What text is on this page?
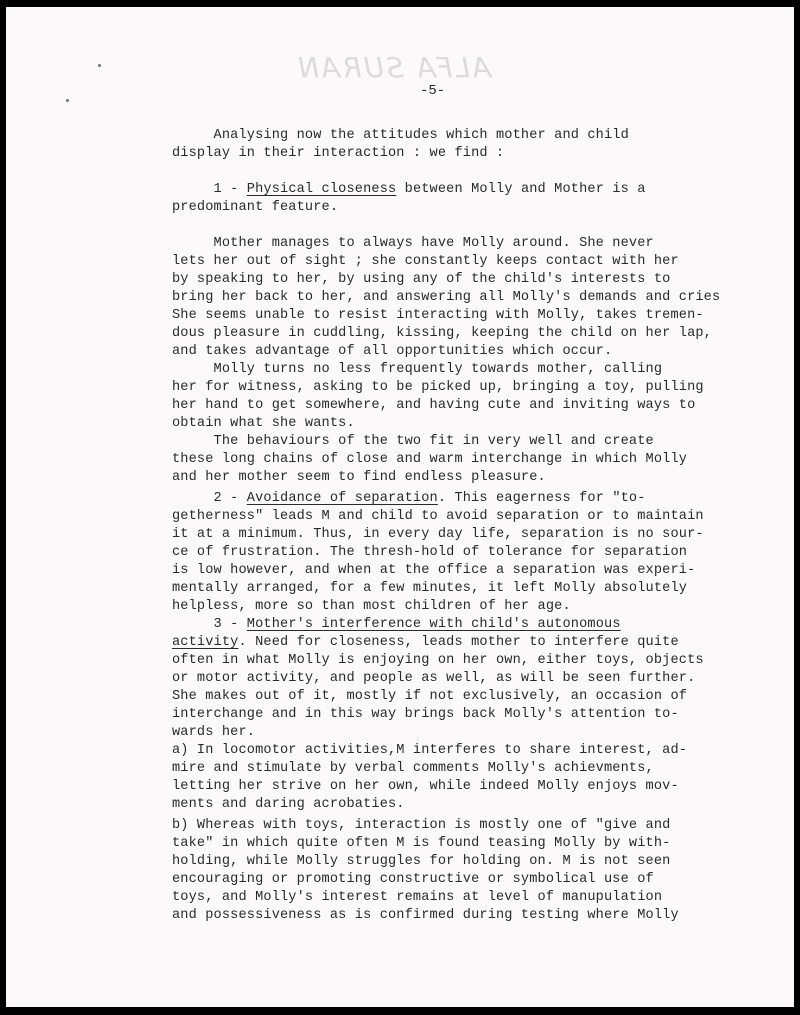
ALFA SURAN
-5-
Analysing now the attitudes which mother and child
display in their interaction : we find :
1 - Physical closeness between Molly and Mother is a
predominant feature.
Mother manages to always have Molly around. She never
lets her out of sight ; she constantly keeps contact with her
by speaking to her, by using any of the child's interests to
bring her back to her, and answering all Molly's demands and cries
She seems unable to resist interacting with Molly, takes tremen-
dous pleasure in cuddling, kissing, keeping the child on her lap,
and takes advantage of all opportunities which occur.
Molly turns no less frequently towards mother, calling
her for witness, asking to be picked up, bringing a toy, pulling
her hand to get somewhere, and having cute and inviting ways to
obtain what she wants.
The behaviours of the two fit in very well and create
these long chains of close and warm interchange in which Molly
and her mother seem to find endless pleasure.
2 - Avoidance of separation. This eagerness for "to-
getherness" leads M and child to avoid separation or to maintain
it at a minimum. Thus, in every day life, separation is no sour-
ce of frustration. The thresh-hold of tolerance for separation
is low however, and when at the office a separation was experi-
mentally arranged, for a few minutes, it left Molly absolutely
helpless, more so than most children of her age.
3 - Mother's interference with child's autonomous
activity. Need for closeness, leads mother to interfere quite
often in what Molly is enjoying on her own, either toys, objects
or motor activity, and people as well, as will be seen further.
She makes out of it, mostly if not exclusively, an occasion of
interchange and in this way brings back Molly's attention to-
wards her.
a) In locomotor activities,M interferes to share interest, ad-
mire and stimulate by verbal comments Molly's achievments,
letting her strive on her own, while indeed Molly enjoys mov-
ments and daring acrobaties.
b) Whereas with toys, interaction is mostly one of "give and
take" in which quite often M is found teasing Molly by with-
holding, while Molly struggles for holding on. M is not seen
encouraging or promoting constructive or symbolical use of
toys, and Molly's interest remains at level of manupulation
and possessiveness as is confirmed during testing where Molly
